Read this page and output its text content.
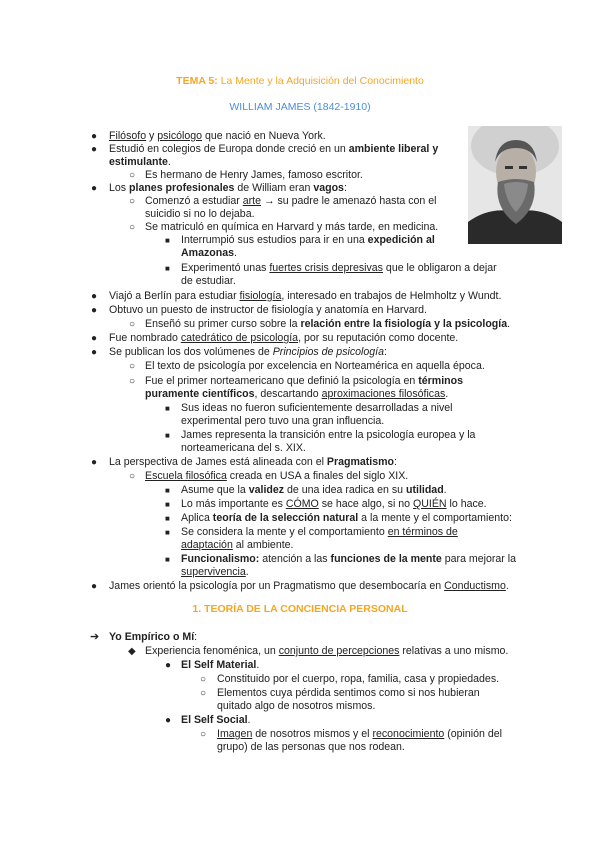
TEMA 5: La Mente y la Adquisición del Conocimiento
WILLIAM JAMES (1842-1910)
● Filósofo y psicólogo que nació en Nueva York.
● Estudió en colegios de Europa donde creció en un ambiente liberal y
estimulante.
○ Es hermano de Henry James, famoso escritor.
● Los planes profesionales de William eran vagos:
○ Comenzó a estudiar arte → su padre le amenazó hasta con el
suicidio si no lo dejaba.
○ Se matriculó en química en Harvard y más tarde, en medicina.
■ Interrumpió sus estudios para ir en una expedición al
Amazonas.
■ Experimentó unas fuertes crisis depresivas que le obligaron a dejar
de estudiar.
● Viajó a Berlín para estudiar fisiología, interesado en trabajos de Helmholtz y Wundt.
● Obtuvo un puesto de instructor de fisiología y anatomía en Harvard.
○ Enseñó su primer curso sobre la relación entre la fisiología y la psicología.
● Fue nombrado catedrático de psicología, por su reputación como docente.
● Se publican los dos volúmenes de Principios de psicología:
○ El texto de psicología por excelencia en Norteamérica en aquella época.
○ Fue el primer norteamericano que definió la psicología en términos
puramente científicos, descartando aproximaciones filosóficas.
■ Sus ideas no fueron suficientemente desarrolladas a nivel
experimental pero tuvo una gran influencia.
■ James representa la transición entre la psicología europea y la
norteamericana del s. XIX.
● La perspectiva de James está alineada con el Pragmatismo:
○ Escuela filosófica creada en USA a finales del siglo XIX.
■ Asume que la validez de una idea radica en su utilidad.
■ Lo más importante es CÓMO se hace algo, si no QUIÉN lo hace.
■ Aplica teoría de la selección natural a la mente y el comportamiento:
■ Se considera la mente y el comportamiento en términos de
adaptación al ambiente.
■ Funcionalismo: atención a las funciones de la mente para mejorar la
supervivencia.
● James orientó la psicología por un Pragmatismo que desembocaría en Conductismo.
1. TEORÍA DE LA CONCIENCIA PERSONAL
➔ Yo Empírico o Mí:
◆ Experiencia fenoménica, un conjunto de percepciones relativas a uno mismo.
● El Self Material.
○ Constituido por el cuerpo, ropa, familia, casa y propiedades.
○ Elementos cuya pérdida sentimos como si nos hubieran
quitado algo de nosotros mismos.
● El Self Social.
○ Imagen de nosotros mismos y el reconocimiento (opinión del
grupo) de las personas que nos rodean.
